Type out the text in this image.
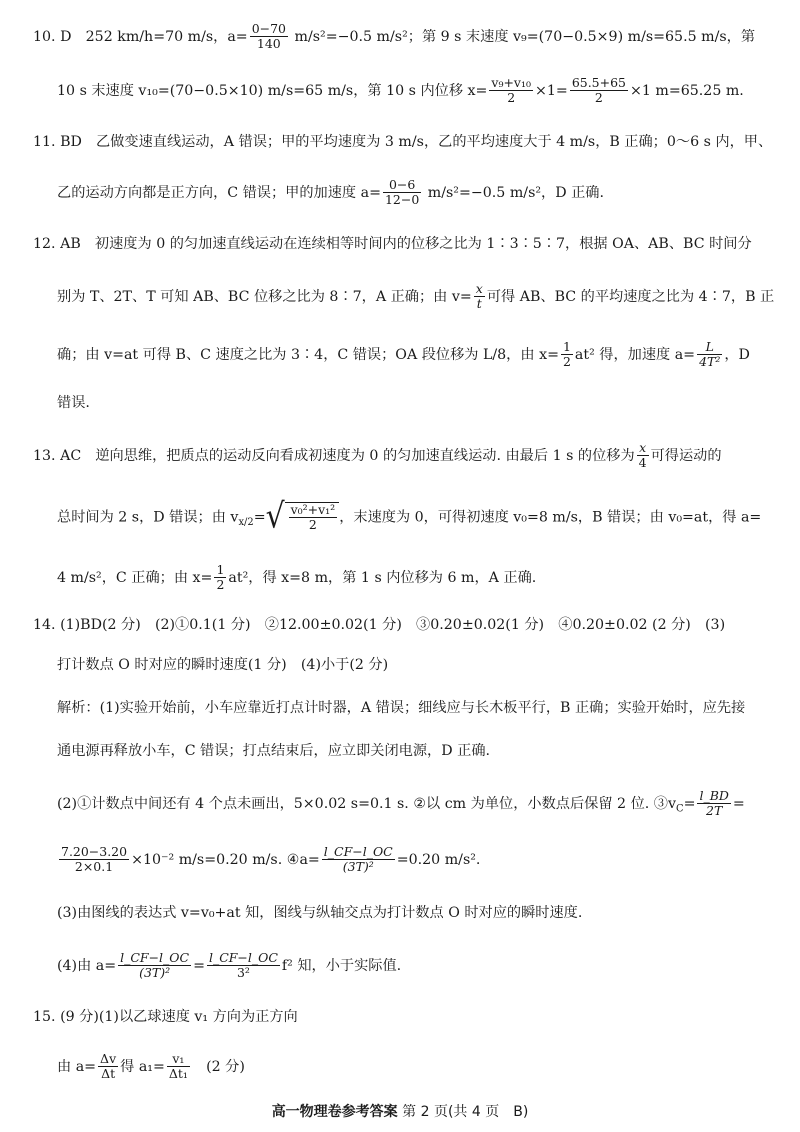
10. D　252 km/h=70 m/s，$a= \frac{0-70}{140} m/s^2=-0.5$ m/s²；第 9 s 末速度 v₉=(70−0.5×9) m/s=65.5 m/s，第
10 s 末速度 v₁₀=(70−0.5×10) m/s=65 m/s，第 10 s 内位移 $x= \frac{\text{v₉+v₁₀}}{2} \times 1= \frac{65.5+65}{2} \times 1$ m=65.25 m.
11. BD　乙做变速直线运动，A 错误；甲的平均速度为 3 m/s，乙的平均速度大于 4 m/s，B 正确；0～6 s 内，甲、
乙的运动方向都是正方向，C 错误；甲的加速度 $a= \frac{0-6}{12-0} m/s^2=-0.5$ m/s²，D 正确.
12. AB　初速度为 0 的匀加速直线运动在连续相等时间内的位移之比为 1∶3∶5∶7，根据 OA、AB、BC 时间分
别为 T、2T、T 可知 AB、BC 位移之比为 8∶7，A 正确；由 $v= \frac{x}{t}$ 可得 AB、BC 的平均速度之比为 4∶7，B 正
确；由 v=at 可得 B、C 速度之比为 3∶4，C 错误；OA 段位移为 L/8，由 $x= \frac{1}{2} at^2$ 得，加速度 $a= \frac{L}{\text{4T²}}$ ，D
错误.
13. AC　逆向思维，把质点的运动反向看成初速度为 0 的匀加速直线运动. 由最后 1 s 的位移为 $\frac{x}{4}$ 可得运动的
总时间为 2 s，D 错误；由 $v_{x/2}=$ √ $\frac{\text{v₀²+v₁²}}{2}$ ，末速度为 0，可得初速度 v₀=8 m/s，B 错误；由 v₀=at，得 a=
4 m/s²，C 正确；由 $x= \frac{1}{2} at^2$，得 x=8 m，第 1 s 内位移为 6 m，A 正确.
14. (1)BD(2 分)　(2)①0.1(1 分)　②12.00±0.02(1 分)　③0.20±0.02(1 分)　④0.20±0.02 (2 分)　(3)
打计数点 O 时对应的瞬时速度(1 分)　(4)小于(2 分)
解析：(1)实验开始前，小车应靠近打点计时器，A 错误；细线应与长木板平行，B 正确；实验开始时，应先接
通电源再释放小车，C 错误；打点结束后，应立即关闭电源，D 正确.
(2)①计数点中间还有 4 个点未画出，5×0.02 s=0.1 s. ②以 cm 为单位，小数点后保留 2 位. $③v_C= \frac{l\_BD}{2T}$ =
$\frac{7.20-3.20}{2\times 0.1} \times 10^{-2}$ m/s=0.20 m/s. ④a= $\frac{l\_CF-l\_OC}{\text{(3T)²}} =0.20$ m/s².
(3)由图线的表达式 v=v₀+at 知，图线与纵轴交点为打计数点 O 时对应的瞬时速度.
(4)由 $a= \frac{l\_CF-l\_OC}{\text{(3T)²}} = \frac{l\_CF-l\_OC}{\text{3²}} f^2$ 知，小于实际值.
15. (9 分)(1)以乙球速度 v₁ 方向为正方向
由 $a= \frac{\Delta v}{\Delta t}$ 得 $a_1= \frac{\text{v₁}}{\text{Δt₁}}$ 　(2 分)
高一物理卷参考答案 第 2 页(共 4 页　B)
